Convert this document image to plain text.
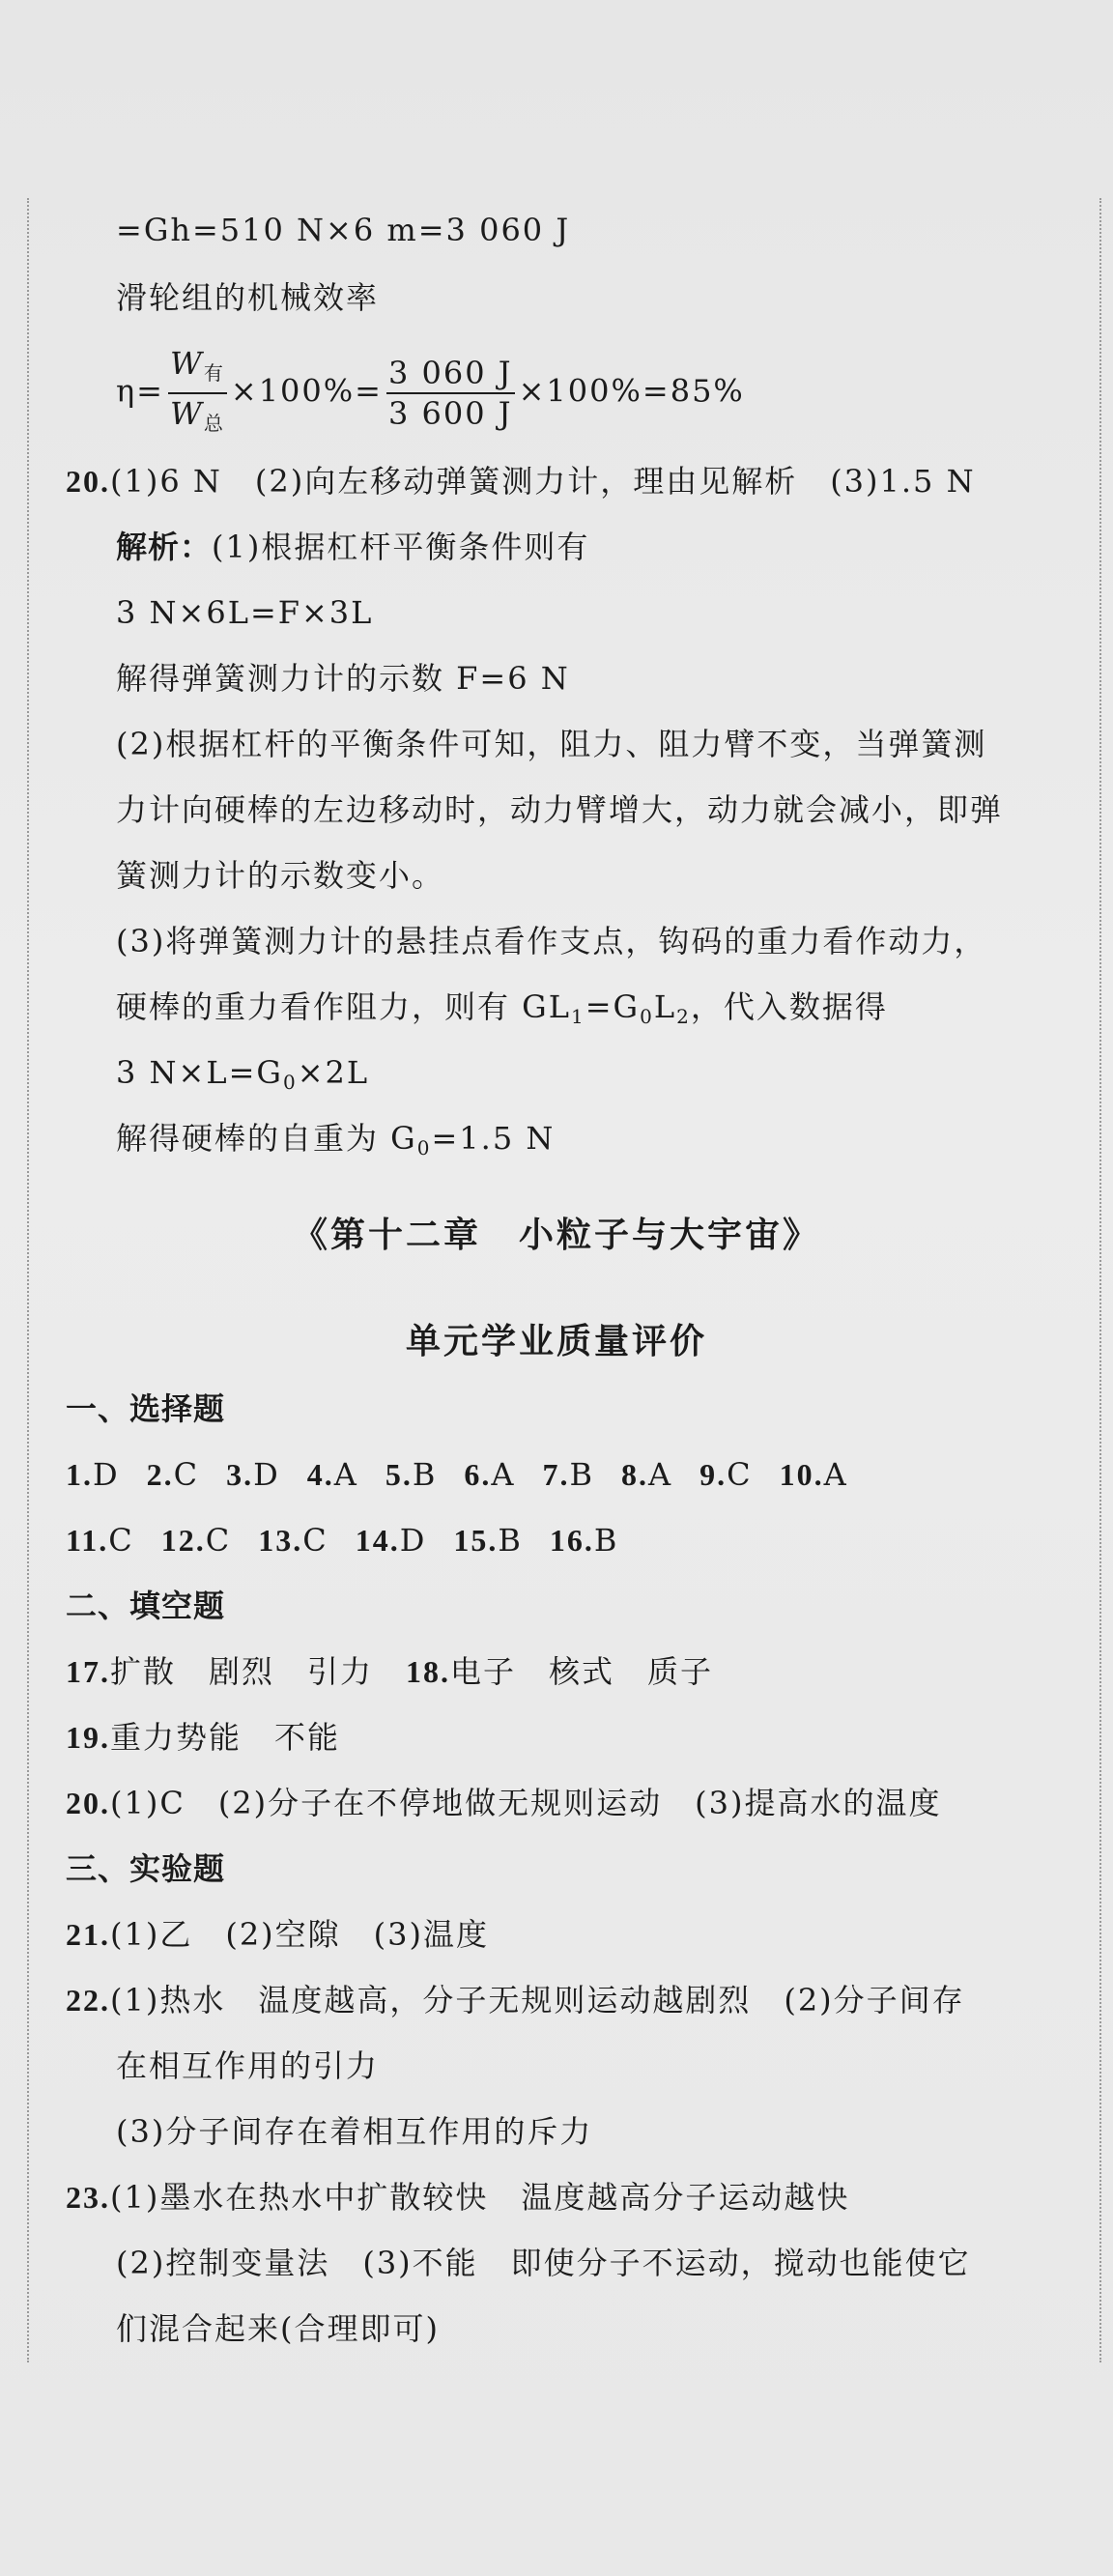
=Gh=510 N×6 m=3 060 J
滑轮组的机械效率
$\eta= \frac{W_有}{W_总} \times 100\%= \frac{3 060 J}{3 600 J} \times 100\%=85\%$
20.(1)6 N　(2)向左移动弹簧测力计，理由见解析　(3)1.5 N
解析：(1)根据杠杆平衡条件则有
3 N×6L=F×3L
解得弹簧测力计的示数 F=6 N
(2)根据杠杆的平衡条件可知，阻力、阻力臂不变，当弹簧测
力计向硬棒的左边移动时，动力臂增大，动力就会减小，即弹
簧测力计的示数变小。
(3)将弹簧测力计的悬挂点看作支点，钩码的重力看作动力，
硬棒的重力看作阻力，则有 $GL_1=G_0L_2$，代入数据得
3 $N\times L=G_0\times 2L$
解得硬棒的自重为 $G_0=1.5$ N
《第十二章　小粒子与大宇宙》
单元学业质量评价
一、选择题
1.D 2.C 3.D 4.A 5.B 6.A 7.B 8.A 9.C 10.A
11.C 12.C 13.C 14.D 15.B 16.B
二、填空题
17.扩散　剧烈　引力　 18.电子　核式　质子
19.重力势能　不能
20.(1)C　(2)分子在不停地做无规则运动　(3)提高水的温度
三、实验题
21.(1)乙　(2)空隙　(3)温度
22.(1)热水　温度越高，分子无规则运动越剧烈　(2)分子间存
在相互作用的引力
(3)分子间存在着相互作用的斥力
23.(1)墨水在热水中扩散较快　温度越高分子运动越快
(2)控制变量法　(3)不能　即使分子不运动，搅动也能使它
们混合起来(合理即可)
